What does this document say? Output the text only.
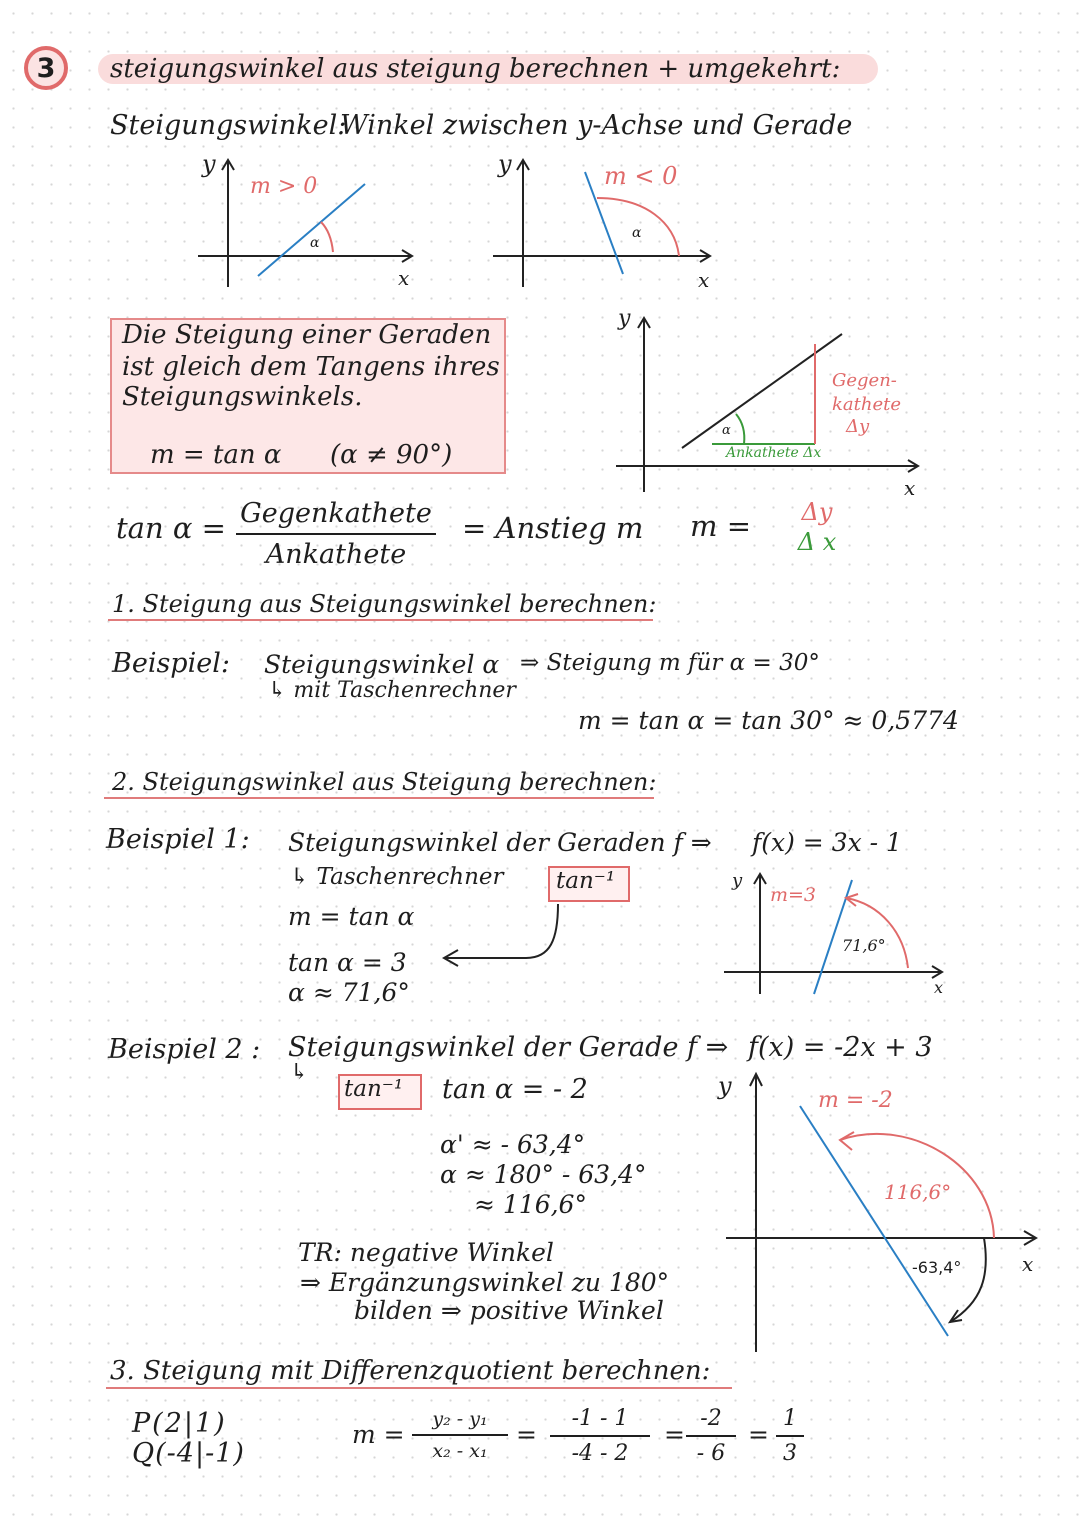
3	steigungswinkel aus steigung berechnen + umgekehrt:
Steigungswinkel:
Winkel zwischen y-Achse und Gerade
y
m > 0
α
x
y	m < 0
α
x
Die Steigung einer Geraden
ist gleich dem Tangens ihres
Steigungswinkels.
m = tan α (α ≠ 90°)
y
α
Gegen-
kathete
Δy
Ankathete Δx
x
tan α = Gegenkathete
Ankathete
= Anstieg m m =	Δy
Δ x
1. Steigung aus Steigungswinkel berechnen:
Beispiel: Steigungswinkel α ⇒ Steigung m für α = 30°
↳ mit Taschenrechner
m = tan α = tan 30° ≈ 0,5774
2. Steigungswinkel aus Steigung berechnen:
Beispiel 1: Steigungswinkel der Geraden f ⇒ f(x) = 3x - 1
↳ Taschenrechner tan⁻¹
m = tan α
tan α = 3
α ≈ 71,6°
y
m=3
71,6°
x
Beispiel 2 : Steigungswinkel der Gerade f ⇒ f(x) = -2x + 3
↳
tan⁻¹ tan α = - 2
α' ≈ - 63,4°
α ≈ 180° - 63,4°
≈ 116,6°
TR: negative Winkel
⇒ Ergänzungswinkel zu 180°
bilden ⇒ positive Winkel
y
m = -2
116,6°
-63,4°	x
3. Steigung mit Differenzquotient berechnen:
P(2|1)
Q(-4|-1)
m =
y₂ - y₁
x₂ - x₁
=
-1 - 1
-4 - 2
=
-2
- 6
=
1
3
